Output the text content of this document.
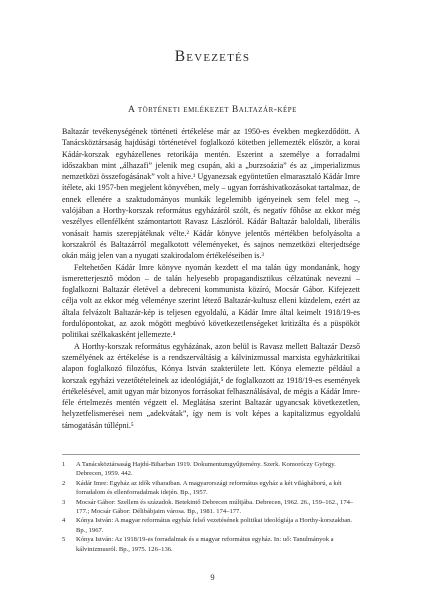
Bevezetés
A történeti emlékezet Baltazár-képe

Baltazár tevékenységének történeti értékelése már az 1950-es években megkezdődött. A Tanácsköztársaság hajdúsági történetével foglalkozó kötetben jellemezték először, a korai Kádár-korszak egyházellenes retorikája mentén. Eszerint a személye a forradalmi időszakban mint „álhazafi” jelenik meg csupán, aki a „burzsoázia” és az „imperializmus nemzetközi összefogásának” volt a híve.¹ Ugyanezsak egyöntetűen elmarasztaló Kádár Imre ítélete, aki 1957-ben megjelent könyvében, mely – ugyan forráshivatkozásokat tartalmaz, de ennek ellenére a szaktudományos munkák legelemibb igényeinek sem felel meg –, valójában a Horthy-korszak református egyházáról szólt, és negatív főhőse az ekkor még veszélyes ellenfélként számontartott Ravasz Lászlóról. Kádár Baltazár baloldali, liberális vonásait hamis szerepjátéknak vélte.² Kádár könyve jelentős mértékben befolyásolta a korszakról és Baltazárról megalkotott véleményeket, és sajnos nemzetközi elterjedtsége okán máig jelen van a nyugati szakirodalom értékeléseiben is.³

Feltehetően Kádár Imre könyve nyomán kezdett el ma talán úgy mondanánk, hogy ismeretterjesztő módon – de talán helyesebb propagandisztikus célzatúnak nevezni – foglalkozni Baltazár életével a debreceni kommunista közíró, Mocsár Gábor. Kifejezett célja volt az ekkor még véleménye szerint létező Baltazár-kultusz elleni küzdelem, ezért az általa felvázolt Baltazár-kép is teljesen egyoldalú, a Kádár Imre által keimelt 1918/19-es fordulópontokat, az azok mögött megbúvó következetlenségeket kritizálta és a püspököt politikai szélkakasként jellemezte.⁴

A Horthy-korszak református egyházának, azon belül is Ravasz mellett Baltazár Dezső személyének az értékelése is a rendszerváltásig a kálvinizmussal marxista egyházkritikai alapon foglalkozó filozófus, Kónya István szakterülete lett. Kónya elemezte például a korszak egyházi vezetőtételeinek az ideológiáját,⁵ de foglalkozott az 1918/19-es események értékelésével, amit ugyan már bizonyos forrásokat felhasználásával, de mégis a Kádár Imre-féle értelmezés mentén végzett el. Meglátása szerint Baltazár ugyancsak következetlen, helyzetfelismerései nem „adekvátak”, így nem is volt képes a kapitalizmus egyoldalú támogatásán túllépni.⁵

1	A Tanácsköztársaság Hajdú-Biharban 1919. Dokumentumgyűjtemény. Szerk. Komoróczy György. Debrecen, 1959. 442.
2	Kádár Imre: Egyház az idők viharaiban. A magyarországi református egyház a két világháború, a két forradalom és ellenforradalmak idején. Bp., 1957.
3	Mocsár Gábor: Szellem és századok. Betekintő Debrecen múltjába. Debrecen, 1962. 26., 159–162., 174–177.; Mocsár Gábor: Délibábjaim városa. Bp., 1981. 174–177.
4	Kónya István: A magyar református egyház felső vezetésének politikai ideológiája a Horthy-korszakban. Bp., 1967.
5	Kónya István: Az 1918/19-es forradalmak és a magyar református egyház. In: uő: Tanulmányok a kálvinizmusról. Bp., 1975. 126–136.
9
